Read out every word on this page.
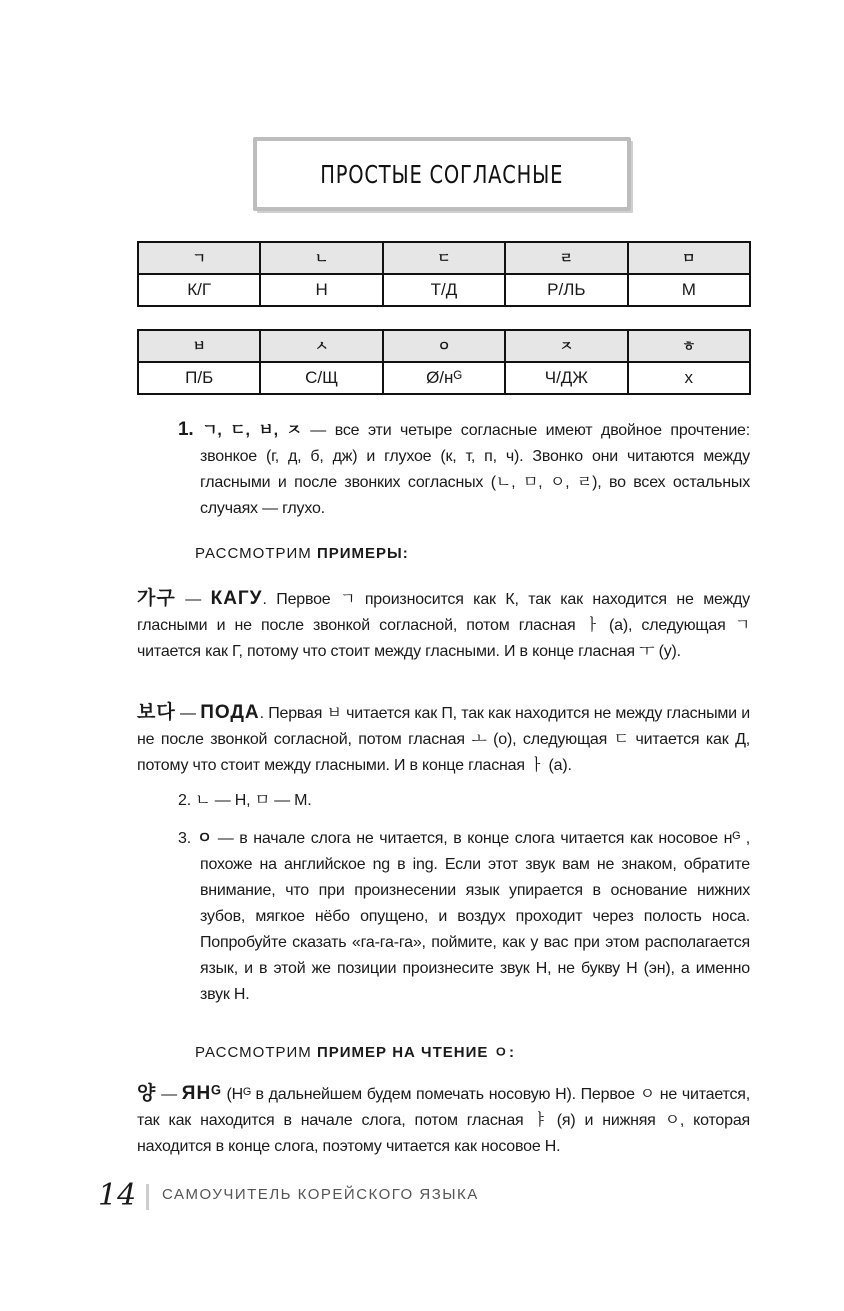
ПРОСТЫЕ СОГЛАСНЫЕ
ㄱ	ㄴ	ㄷ	ㄹ	ㅁ
К/Г	Н	Т/Д	Р/ЛЬ	М
ㅂ	ㅅ	ㅇ	ㅈ	ㅎ
П/Б	С/Щ	Ø/нᴳ	Ч/ДЖ	х
1. ㄱ, ㄷ, ㅂ, ㅈ — все эти четыре согласные имеют двойное прочтение: звонкое (г, д, б, дж) и глухое (к, т, п, ч). Звонко они читаются между гласными и после звонких согласных (ㄴ, ㅁ, ㅇ, ㄹ), во всех остальных случаях — глухо.
РАССМОТРИМ ПРИМЕРЫ:
가구 — КАГУ. Первое ㄱ произносится как К, так как находится не между гласными и не после звонкой согласной, потом гласная ㅏ (а), следующая ㄱ читается как Г, потому что стоит между гласными. И в конце гласная ㅜ (у).
보다 — ПОДА. Первая ㅂ читается как П, так как находится не между гласными и не после звонкой согласной, потом гласная ㅗ (о), следующая ㄷ читается как Д, потому что стоит между гласными. И в конце гласная ㅏ (а).
2. ㄴ — Н, ㅁ — М.
3. ㅇ — в начале слога не читается, в конце слога читается как носовое нᴳ , похоже на английское ng в ing. Если этот звук вам не знаком, обратите внимание, что при произнесении язык упирается в основание нижних зубов, мягкое нёбо опущено, и воздух проходит через полость носа. Попробуйте сказать «га-га-га», поймите, как у вас при этом располагается язык, и в этой же позиции произнесите звук Н, не букву Н (эн), а именно звук Н.
РАССМОТРИМ ПРИМЕР НА ЧТЕНИЕ ㅇ:
양 — ЯНᴳ (Нᴳ в дальнейшем будем помечать носовую Н). Первое ㅇ не читается, так как находится в начале слога, потом гласная ㅑ (я) и нижняя ㅇ, которая находится в конце слога, поэтому читается как носовое Н.
14 САМОУЧИТЕЛЬ КОРЕЙСКОГО ЯЗЫКА
